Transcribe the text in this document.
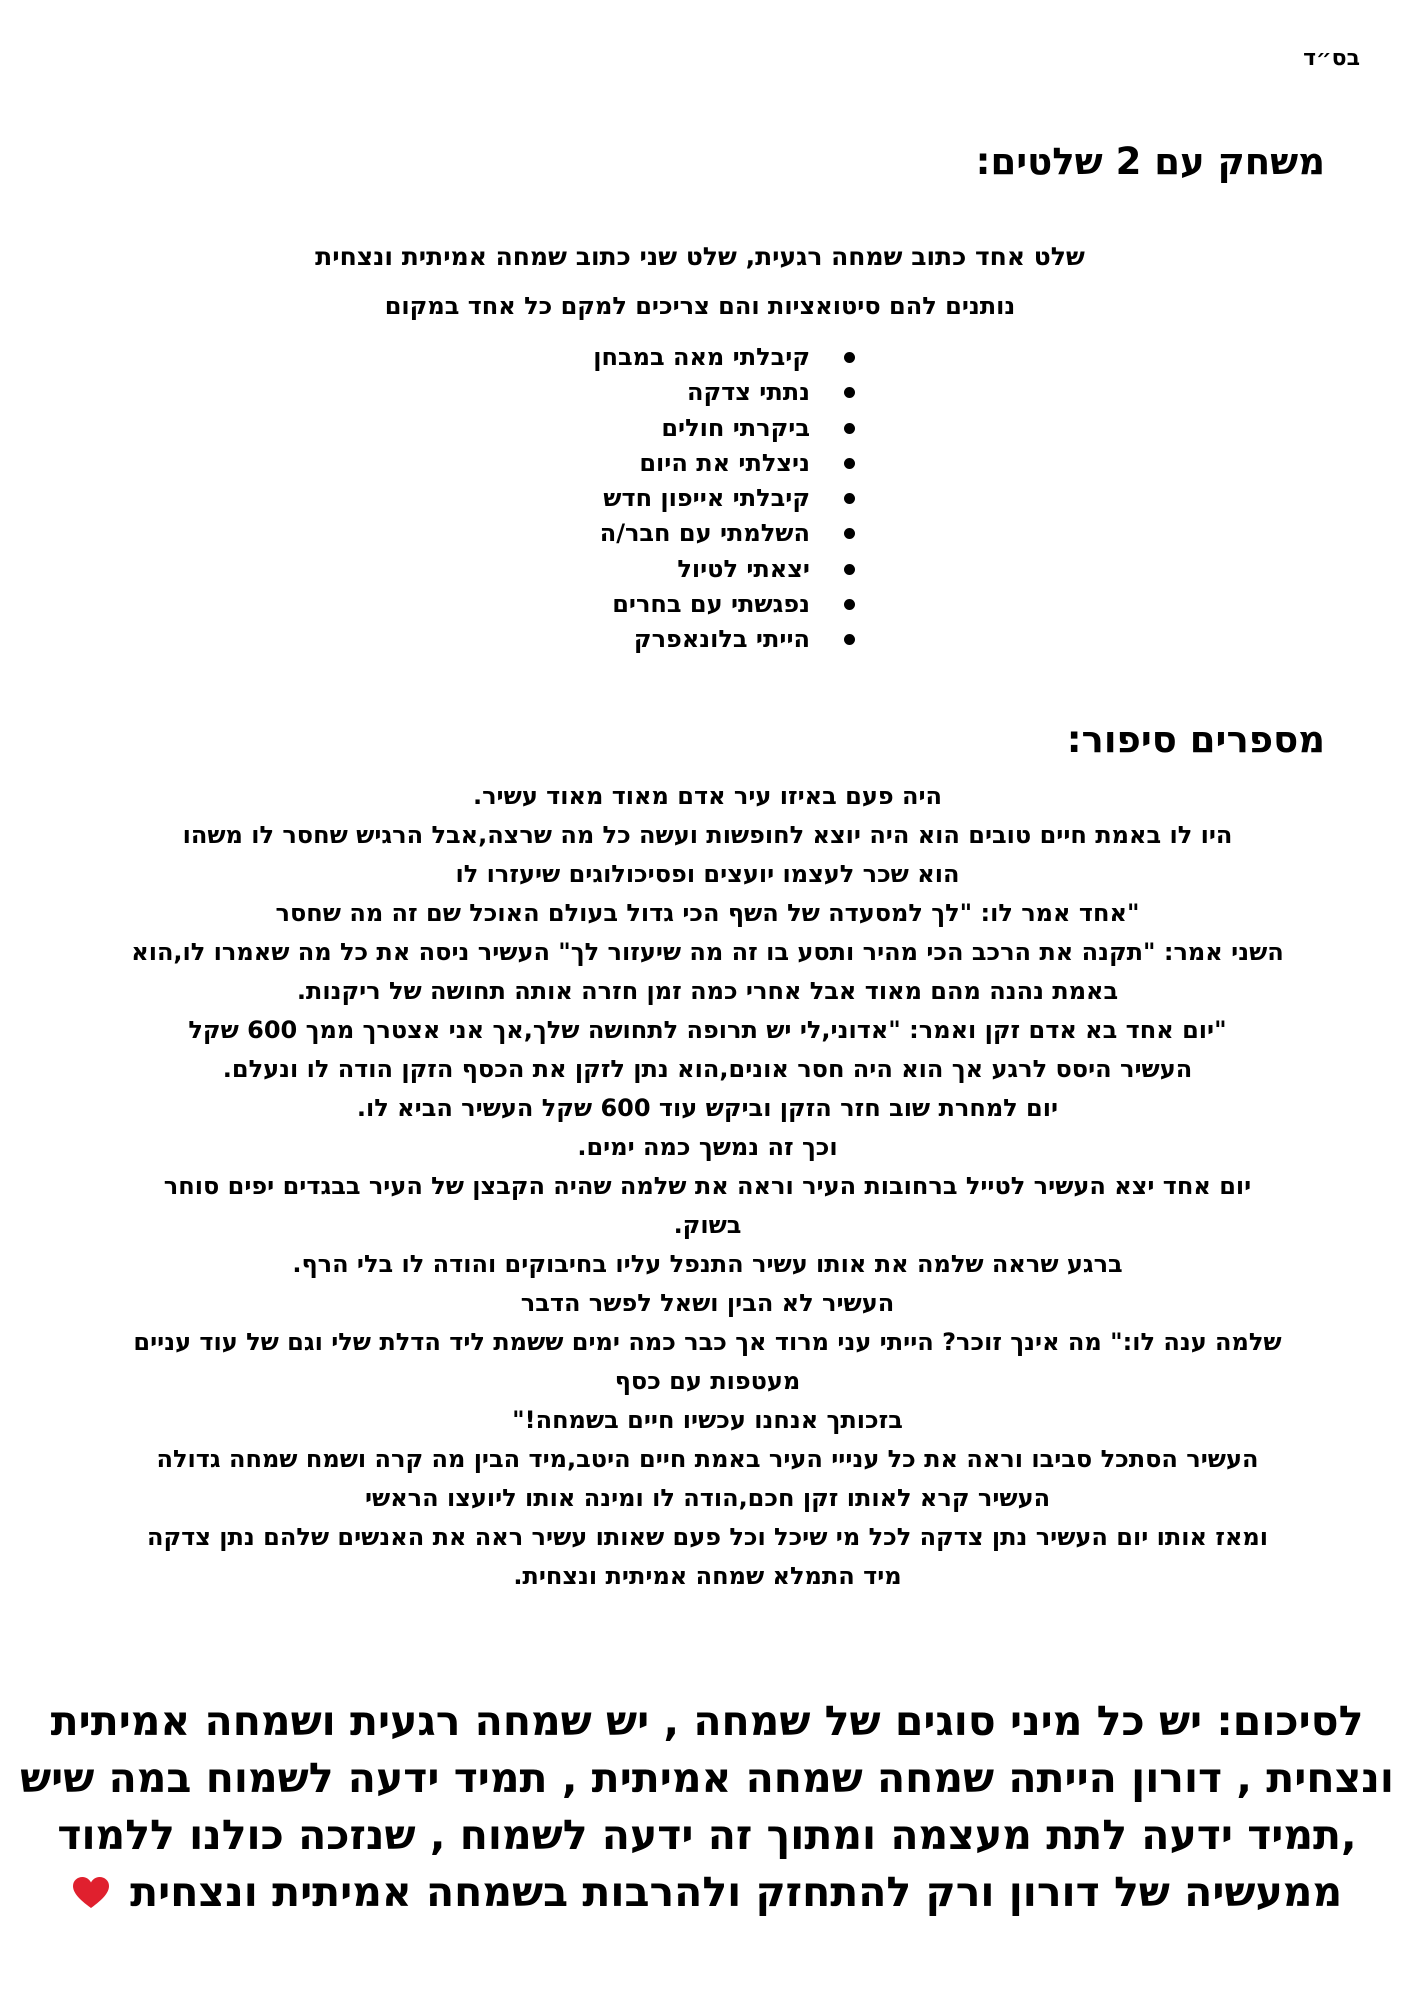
בס״ד
משחק עם 2 שלטים:

שלט אחד כתוב שמחה רגעית, שלט שני כתוב שמחה אמיתית ונצחית

נותנים להם סיטואציות והם צריכים למקם כל אחד במקום

קיבלתי מאה במבחן
נתתי צדקה
ביקרתי חולים
ניצלתי את היום
קיבלתי אייפון חדש
השלמתי עם חבר/ה
יצאתי לטיול
נפגשתי עם בחרים
הייתי בלונאפרק
מספרים סיפור:

היה פעם באיזו עיר אדם מאוד מאוד עשיר.

היו לו באמת חיים טובים הוא היה יוצא לחופשות ועשה כל מה שרצה,אבל הרגיש שחסר לו משהו

הוא שכר לעצמו יועצים ופסיכולוגים שיעזרו לו

"אחד אמר לו: "לך למסעדה של השף הכי גדול בעולם האוכל שם זה מה שחסר

השני אמר: "תקנה את הרכב הכי מהיר ותסע בו זה מה שיעזור לך" העשיר ניסה את כל מה שאמרו לו,הוא

באמת נהנה מהם מאוד אבל אחרי כמה זמן חזרה אותה תחושה של ריקנות.

"יום אחד בא אדם זקן ואמר: "אדוני,לי יש תרופה לתחושה שלך,אך אני אצטרך ממך 600 שקל

העשיר היסס לרגע אך הוא היה חסר אונים,הוא נתן לזקן את הכסף הזקן הודה לו ונעלם.

יום למחרת שוב חזר הזקן וביקש עוד 600 שקל העשיר הביא לו.

וכך זה נמשך כמה ימים.

יום אחד יצא העשיר לטייל ברחובות העיר וראה את שלמה שהיה הקבצן של העיר בבגדים יפים סוחר

בשוק.

ברגע שראה שלמה את אותו עשיר התנפל עליו בחיבוקים והודה לו בלי הרף.

העשיר לא הבין ושאל לפשר הדבר

שלמה ענה לו:" מה אינך זוכר? הייתי עני מרוד אך כבר כמה ימים ששמת ליד הדלת שלי וגם של עוד עניים

מעטפות עם כסף

בזכותך אנחנו עכשיו חיים בשמחה!"

העשיר הסתכל סביבו וראה את כל ענייי העיר באמת חיים היטב,מיד הבין מה קרה ושמח שמחה גדולה

העשיר קרא לאותו זקן חכם,הודה לו ומינה אותו ליועצו הראשי

ומאז אותו יום העשיר נתן צדקה לכל מי שיכל וכל פעם שאותו עשיר ראה את האנשים שלהם נתן צדקה

מיד התמלא שמחה אמיתית ונצחית.

לסיכום: יש כל מיני סוגים של שמחה , יש שמחה רגעית ושמחה אמיתית ונצחית , דורון הייתה שמחה שמחה אמיתית , תמיד ידעה לשמוח במה שיש ,תמיד ידעה לתת מעצמה ומתוך זה ידעה לשמוח , שנזכה כולנו ללמוד ממעשיה של דורון ורק להתחזק ולהרבות בשמחה אמיתית ונצחית
